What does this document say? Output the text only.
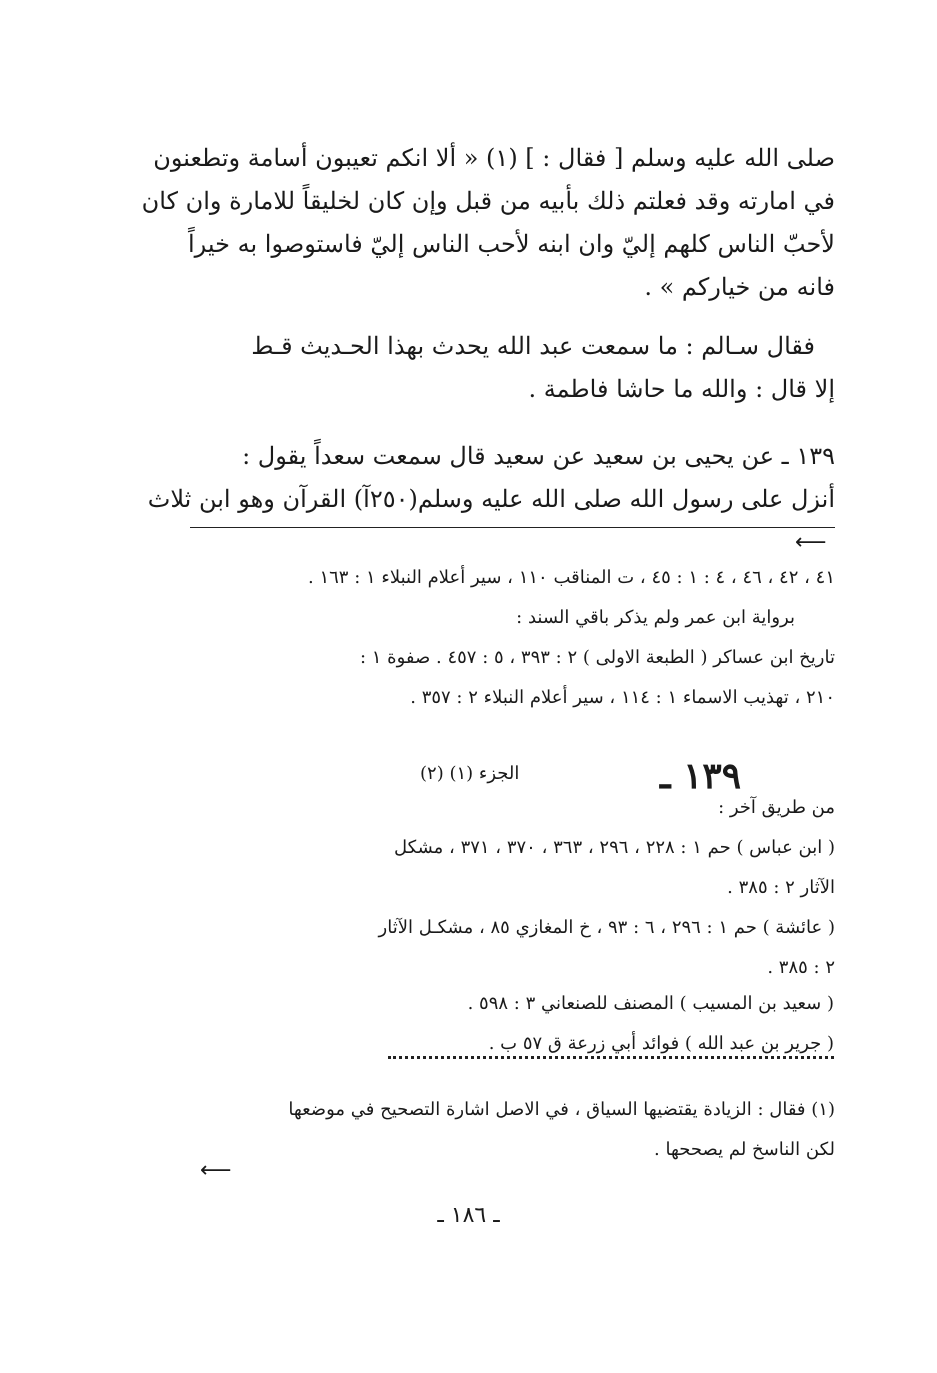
صلى الله عليه وسلم [ فقال : ] (١) « ألا انكم تعيبون أسامة وتطعنون
في امارته وقد فعلتم ذلك بأبيه من قبل وإن كان لخليقاً للامارة وان كان
لأحبّ الناس كلهم إليّ وان ابنه لأحب الناس إليّ فاستوصوا به خيراً
فانه من خياركم » .
فقال سـالم : ما سمعت عبد الله يحدث بهذا الحـديث قـط
إلا قال : والله ما حاشا فاطمة .
١٣٩ ـ عن يحيى بن سعيد عن سعيد قال سمعت سعداً يقول :
أنزل على رسول الله صلى الله عليه وسلم(٢٥٠آ) القرآن وهو ابن ثلاث
⟵
٤١ ، ٤٢ ، ٤٦ ، ٤ : ١ : ٤٥ ، ت المناقب ١١٠ ، سير أعلام النبلاء ١ : ١٦٣ .
برواية ابن عمر ولم يذكر باقي السند :
تاريخ ابن عساكر ( الطبعة الاولى ) ٢ : ٣٩٣ ، ٥ : ٤٥٧ . صفوة ١ :
٢١٠ ، تهذيب الاسماء ١ : ١١٤ ، سير أعلام النبلاء ٢ : ٣٥٧ .
١٣٩ ـ
الجزء (١) (٢)
من طريق آخر :
( ابن عباس ) حم ١ : ٢٢٨ ، ٢٩٦ ، ٣٦٣ ، ٣٧٠ ، ٣٧١ ، مشكل
الآثار ٢ : ٣٨٥ .
( عائشة ) حم ١ : ٢٩٦ ، ٦ : ٩٣ ، خ المغازي ٨٥ ، مشكـل الآثار
٢ : ٣٨٥ .
( سعيد بن المسيب ) المصنف للصنعاني ٣ : ٥٩٨ .
( جرير بن عبد الله ) فوائد أبي زرعة ق ٥٧ ب .
(١) فقال : الزيادة يقتضيها السياق ، في الاصل اشارة التصحيح في موضعها
لكن الناسخ لم يصححها .
⟵
ـ ١٨٦ ـ
